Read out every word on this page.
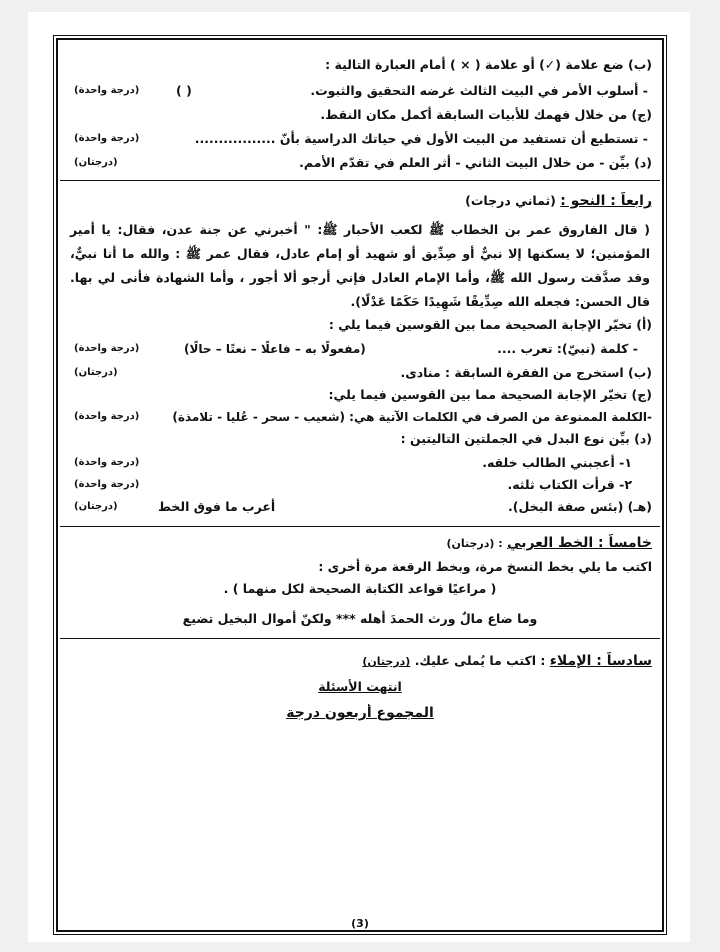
(ب) ضع علامة (✓) أو علامة ( × ) أمام العبارة التالية :
- أسلوب الأمر في البيت الثالث غرضه التحقيق والثبوت.
( )
(درجة واحدة)
(ج) من خلال فهمك للأبيات السابقة أكمل مكان النقط.
- تستطيع أن تستفيد من البيت الأول في حياتك الدراسية بأنّ .................
(درجة واحدة)
(د) بيِّن - من خلال البيت الثاني - أثر العلم في تقدّم الأمم.
(درجتان)
رابعاً : النحو : (ثماني درجات)
( قال الفاروق عمر بن الخطاب ﷺ لكعب الأحبار ﷺ: " أخبرني عن جنة عدن، فقال: يا أمير المؤمنين؛ لا يسكنها إلا نبيٌّ أو صِدِّيق أو شهيد أو إمام عادل، فقال عمر ﷺ : والله ما أنا نبيٌّ، وقد صدَّقت رسول الله ﷺ، وأما الإمام العادل فإني أرجو ألا أجور ، وأما الشهادة فأنى لي بها. قال الحسن: فجعله الله صِدِّيقًا شَهِيدًا حَكَمًا عَدْلًا).
(أ) تخيّر الإجابة الصحيحة مما بين القوسين فيما يلي :
- كلمة (نبيّ): تعرب ....
(مفعولًا به – فاعلًا – نعتًا – حالًا)
(درجة واحدة)
(ب) استخرج من الفقرة السابقة : منادى.
(درجتان)
(ج) تخيّر الإجابة الصحيحة مما بين القوسين فيما يلي:
-الكلمة الممنوعة من الصرف في الكلمات الآتية هي: (شعيب - سحر - عُليا - تلامذة)
(درجة واحدة)
(د) بيِّن نوع البدل في الجملتين التاليتين :
١- أعجبني الطالب خلقه.
(درجة واحدة)
٢- قرأت الكتاب ثلثه.
(درجة واحدة)
(هـ) (بئس صفة البخل).
أعرب ما فوق الخط
(درجتان)
خامساً : الخط العربي : (درجتان)
اكتب ما يلي بخط النسخ مرة، وبخط الرقعة مرة أخرى :
( مراعيًا قواعد الكتابة الصحيحة لكل منهما ) .
وما ضاع مالٌ ورث الحمدَ أهله *** ولكنّ أموال البخيل تضيع
سادساً : الإملاء : اكتب ما يُملى عليك. (درجتان)
انتهت الأسئلة
المجموع أربعون درجة
(3)
